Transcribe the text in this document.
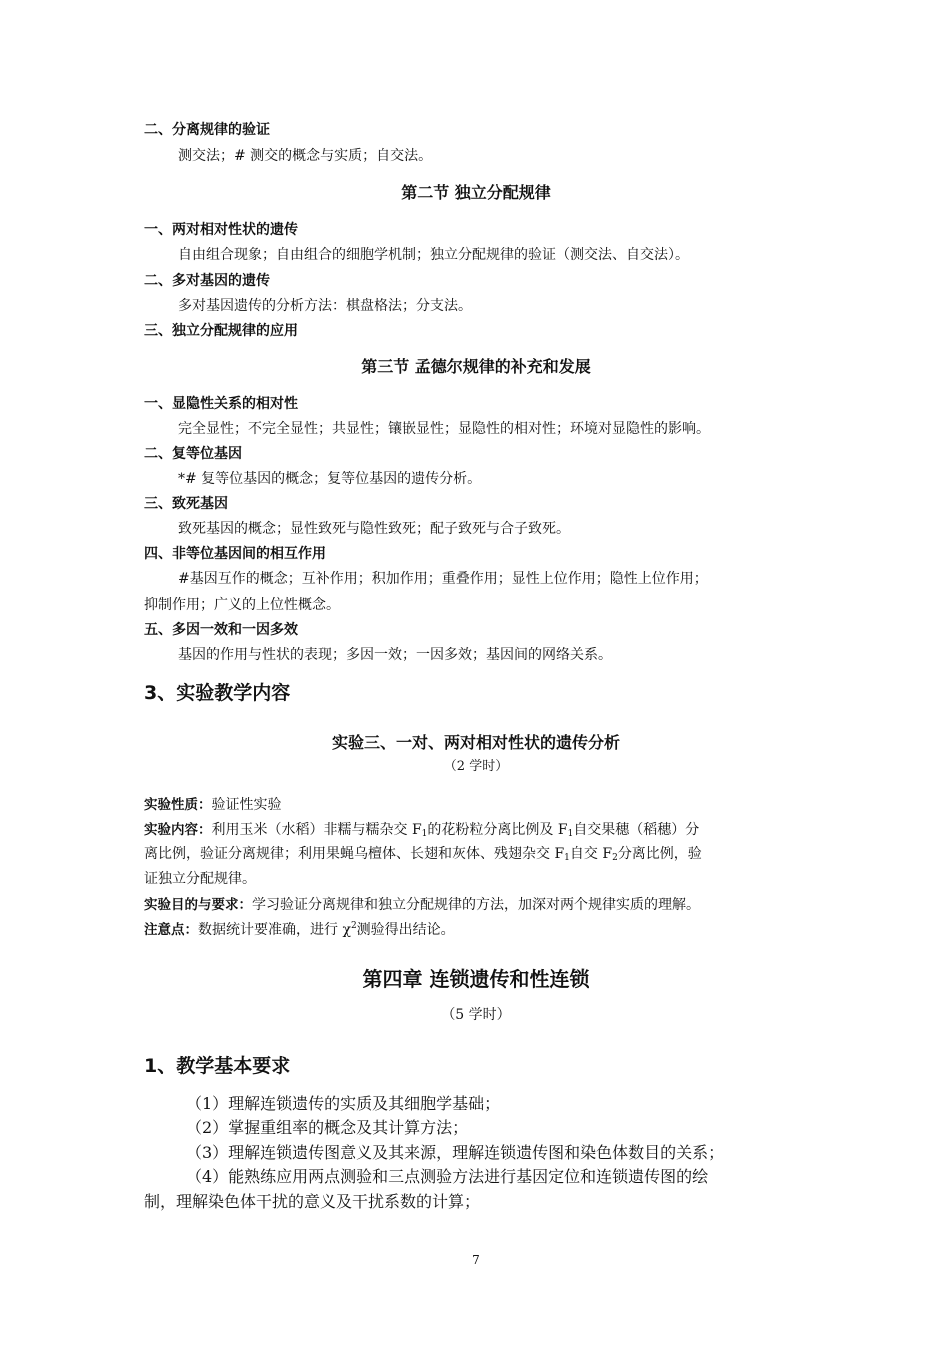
二、分离规律的验证
测交法；# 测交的概念与实质；自交法。
第二节 独立分配规律
一、两对相对性状的遗传
自由组合现象；自由组合的细胞学机制；独立分配规律的验证（测交法、自交法）。
二、多对基因的遗传
多对基因遗传的分析方法：棋盘格法；分支法。
三、独立分配规律的应用
第三节 孟德尔规律的补充和发展
一、显隐性关系的相对性
完全显性；不完全显性；共显性；镶嵌显性；显隐性的相对性；环境对显隐性的影响。
二、复等位基因
*# 复等位基因的概念；复等位基因的遗传分析。
三、致死基因
致死基因的概念；显性致死与隐性致死；配子致死与合子致死。
四、非等位基因间的相互作用
#基因互作的概念；互补作用；积加作用；重叠作用；显性上位作用；隐性上位作用；
抑制作用；广义的上位性概念。
五、多因一效和一因多效
基因的作用与性状的表现；多因一效；一因多效；基因间的网络关系。
3、实验教学内容
实验三、一对、两对相对性状的遗传分析
（2 学时）
实验性质：验证性实验
实验内容：利用玉米（水稻）非糯与糯杂交 $F_1$的花粉粒分离比例及 $F_1$自交果穗（稻穗）分
离比例，验证分离规律；利用果蝇乌檀体、长翅和灰体、残翅杂交 $F_1$自交 $F_2$分离比例，验
证独立分配规律。
实验目的与要求：学习验证分离规律和独立分配规律的方法，加深对两个规律实质的理解。
注意点：数据统计要准确，进行 $\chi^2$测验得出结论。
第四章 连锁遗传和性连锁
（5 学时）
1、教学基本要求
（1）理解连锁遗传的实质及其细胞学基础；
（2）掌握重组率的概念及其计算方法；
（3）理解连锁遗传图意义及其来源，理解连锁遗传图和染色体数目的关系；
（4）能熟练应用两点测验和三点测验方法进行基因定位和连锁遗传图的绘
制，理解染色体干扰的意义及干扰系数的计算；
7
